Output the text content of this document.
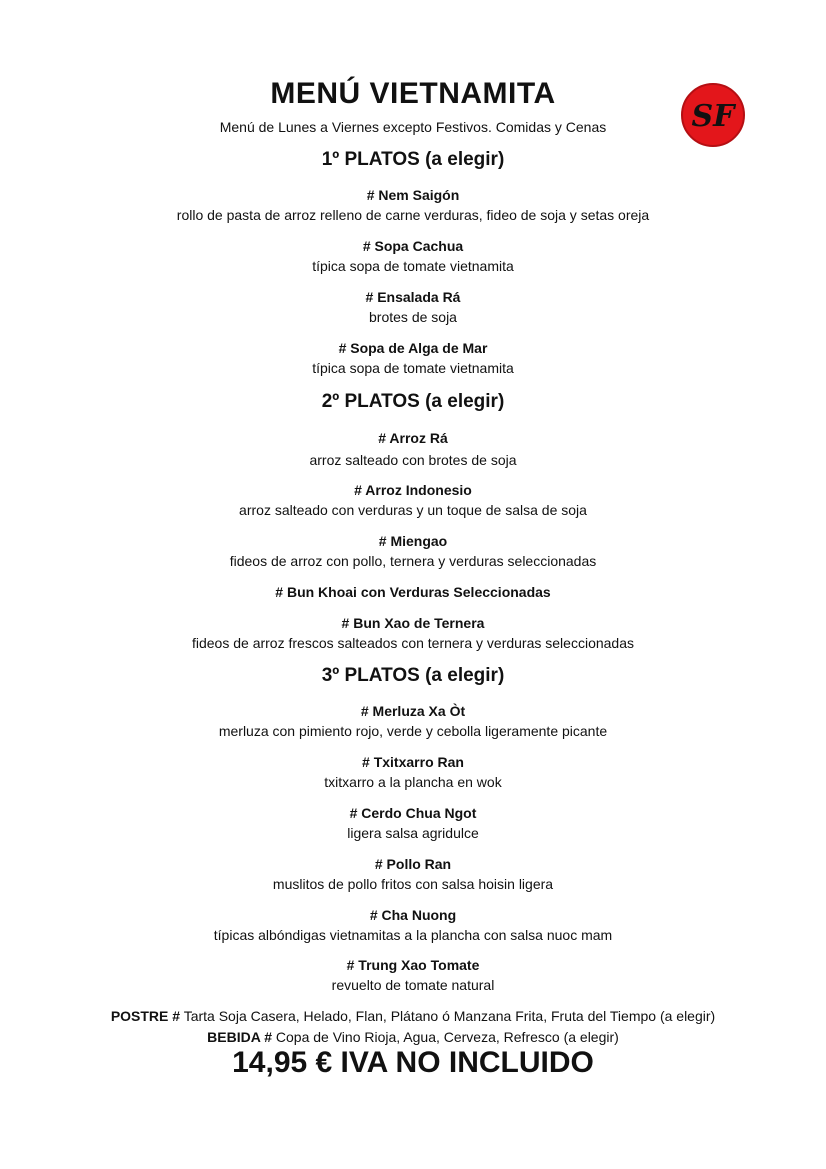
MENÚ VIETNAMITA
Menú de Lunes a Viernes excepto Festivos. Comidas y Cenas	SF
1º PLATOS (a elegir)
# Nem Saigón
rollo de pasta de arroz relleno de carne verduras, fideo de soja y setas oreja
# Sopa Cachua
típica sopa de tomate vietnamita
# Ensalada Rá
brotes de soja
# Sopa de Alga de Mar
típica sopa de tomate vietnamita
2º PLATOS (a elegir)
# Arroz Rá
arroz salteado con brotes de soja
# Arroz Indonesio
arroz salteado con verduras y un toque de salsa de soja
# Miengao
fideos de arroz con pollo, ternera y verduras seleccionadas
# Bun Khoai con Verduras Seleccionadas
# Bun Xao de Ternera
fideos de arroz frescos salteados con ternera y verduras seleccionadas
3º PLATOS (a elegir)
# Merluza Xa Òt
merluza con pimiento rojo, verde y cebolla ligeramente picante
# Txitxarro Ran
txitxarro a la plancha en wok
# Cerdo Chua Ngot
ligera salsa agridulce
# Pollo Ran
muslitos de pollo fritos con salsa hoisin ligera
# Cha Nuong
típicas albóndigas vietnamitas a la plancha con salsa nuoc mam
# Trung Xao Tomate
revuelto de tomate natural
POSTRE # Tarta Soja Casera, Helado, Flan, Plátano ó Manzana Frita, Fruta del Tiempo (a elegir)
BEBIDA # Copa de Vino Rioja, Agua, Cerveza, Refresco (a elegir)
14,95 € IVA NO INCLUIDO
